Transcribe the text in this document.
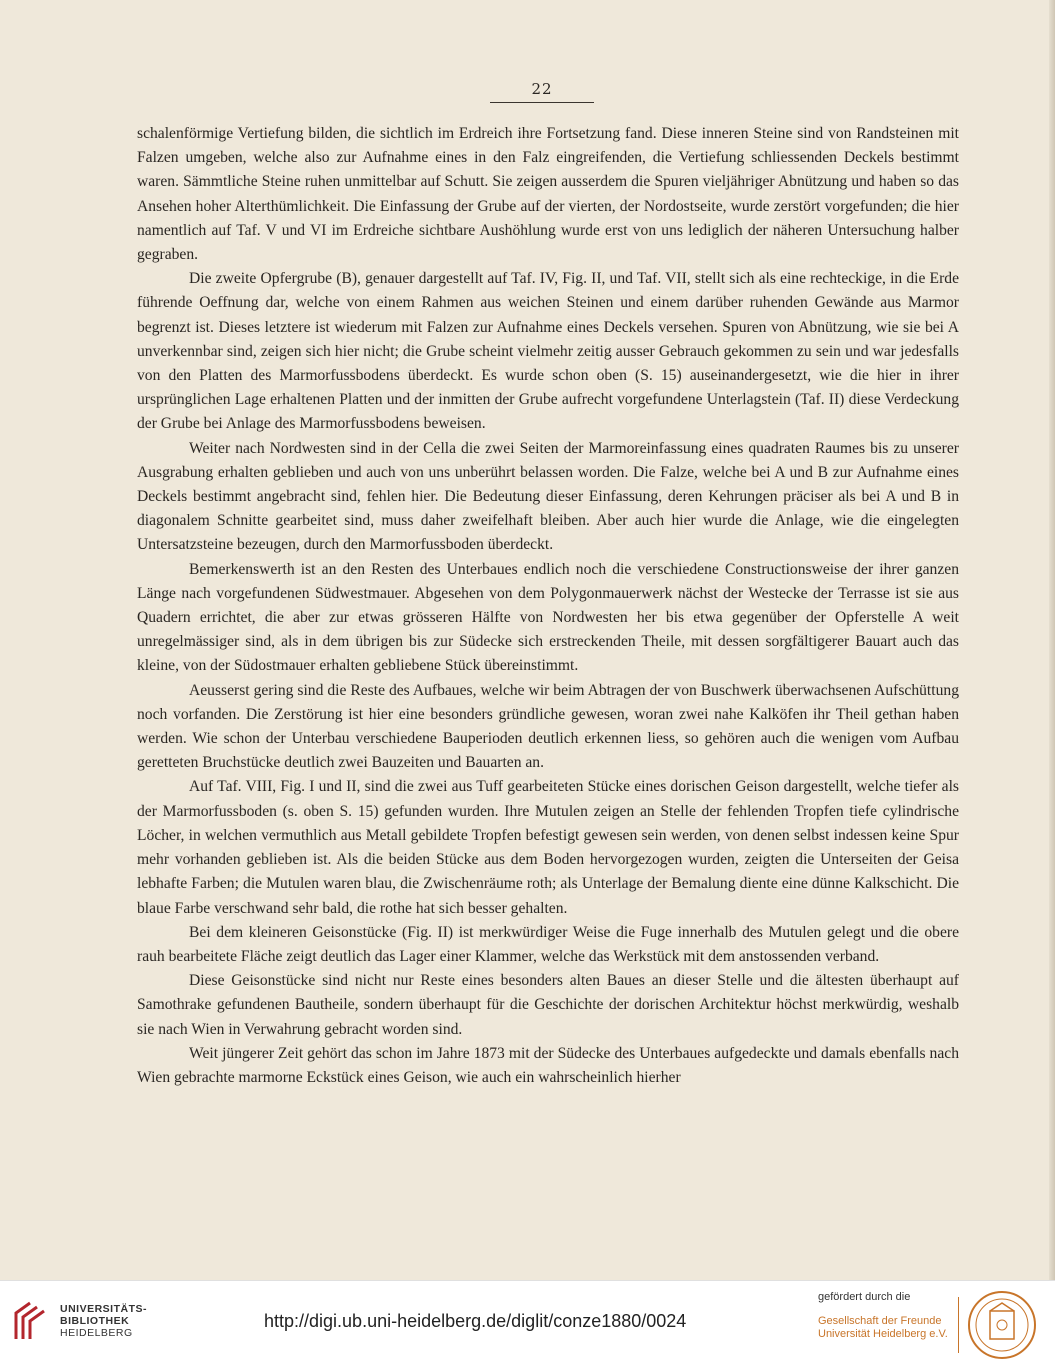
22

schalenförmige Vertiefung bilden, die sichtlich im Erdreich ihre Fortsetzung fand. Diese inneren Steine sind von Randsteinen mit Falzen umgeben, welche also zur Aufnahme eines in den Falz eingreifenden, die Vertiefung schliessenden Deckels bestimmt waren. Sämmtliche Steine ruhen unmittelbar auf Schutt. Sie zeigen ausserdem die Spuren vieljähriger Abnützung und haben so das Ansehen hoher Alterthümlichkeit. Die Einfassung der Grube auf der vierten, der Nordostseite, wurde zerstört vorgefunden; die hier namentlich auf Taf. V und VI im Erdreiche sichtbare Aushöhlung wurde erst von uns lediglich der näheren Untersuchung halber gegraben.

Die zweite Opfergrube (B), genauer dargestellt auf Taf. IV, Fig. II, und Taf. VII, stellt sich als eine rechteckige, in die Erde führende Oeffnung dar, welche von einem Rahmen aus weichen Steinen und einem darüber ruhenden Gewände aus Marmor begrenzt ist. Dieses letztere ist wiederum mit Falzen zur Aufnahme eines Deckels versehen. Spuren von Abnützung, wie sie bei A unverkennbar sind, zeigen sich hier nicht; die Grube scheint vielmehr zeitig ausser Gebrauch gekommen zu sein und war jedesfalls von den Platten des Marmorfussbodens überdeckt. Es wurde schon oben (S. 15) auseinandergesetzt, wie die hier in ihrer ursprünglichen Lage erhaltenen Platten und der inmitten der Grube aufrecht vorgefundene Unterlagstein (Taf. II) diese Verdeckung der Grube bei Anlage des Marmorfussbodens beweisen.

Weiter nach Nordwesten sind in der Cella die zwei Seiten der Marmoreinfassung eines quadraten Raumes bis zu unserer Ausgrabung erhalten geblieben und auch von uns unberührt belassen worden. Die Falze, welche bei A und B zur Aufnahme eines Deckels bestimmt angebracht sind, fehlen hier. Die Bedeutung dieser Einfassung, deren Kehrungen präciser als bei A und B in diagonalem Schnitte gearbeitet sind, muss daher zweifelhaft bleiben. Aber auch hier wurde die Anlage, wie die eingelegten Untersatzsteine bezeugen, durch den Marmorfussboden überdeckt.

Bemerkenswerth ist an den Resten des Unterbaues endlich noch die verschiedene Constructionsweise der ihrer ganzen Länge nach vorgefundenen Südwestmauer. Abgesehen von dem Polygonmauerwerk nächst der Westecke der Terrasse ist sie aus Quadern errichtet, die aber zur etwas grösseren Hälfte von Nordwesten her bis etwa gegenüber der Opferstelle A weit unregelmässiger sind, als in dem übrigen bis zur Südecke sich erstreckenden Theile, mit dessen sorgfältigerer Bauart auch das kleine, von der Südostmauer erhalten gebliebene Stück übereinstimmt.

Aeusserst gering sind die Reste des Aufbaues, welche wir beim Abtragen der von Buschwerk überwachsenen Aufschüttung noch vorfanden. Die Zerstörung ist hier eine besonders gründliche gewesen, woran zwei nahe Kalköfen ihr Theil gethan haben werden. Wie schon der Unterbau verschiedene Bauperioden deutlich erkennen liess, so gehören auch die wenigen vom Aufbau geretteten Bruchstücke deutlich zwei Bauzeiten und Bauarten an.

Auf Taf. VIII, Fig. I und II, sind die zwei aus Tuff gearbeiteten Stücke eines dorischen Geison dargestellt, welche tiefer als der Marmorfussboden (s. oben S. 15) gefunden wurden. Ihre Mutulen zeigen an Stelle der fehlenden Tropfen tiefe cylindrische Löcher, in welchen vermuthlich aus Metall gebildete Tropfen befestigt gewesen sein werden, von denen selbst indessen keine Spur mehr vorhanden geblieben ist. Als die beiden Stücke aus dem Boden hervorgezogen wurden, zeigten die Unterseiten der Geisa lebhafte Farben; die Mutulen waren blau, die Zwischenräume roth; als Unterlage der Bemalung diente eine dünne Kalkschicht. Die blaue Farbe verschwand sehr bald, die rothe hat sich besser gehalten.

Bei dem kleineren Geisonstücke (Fig. II) ist merkwürdiger Weise die Fuge innerhalb des Mutulen gelegt und die obere rauh bearbeitete Fläche zeigt deutlich das Lager einer Klammer, welche das Werkstück mit dem anstossenden verband.

Diese Geisonstücke sind nicht nur Reste eines besonders alten Baues an dieser Stelle und die ältesten überhaupt auf Samothrake gefundenen Bautheile, sondern überhaupt für die Geschichte der dorischen Architektur höchst merkwürdig, weshalb sie nach Wien in Verwahrung gebracht worden sind.

Weit jüngerer Zeit gehört das schon im Jahre 1873 mit der Südecke des Unterbaues aufgedeckte und damals ebenfalls nach Wien gebrachte marmorne Eckstück eines Geison, wie auch ein wahrscheinlich hierher

UNIVERSITÄTS-
BIBLIOTHEK
HEIDELBERG
http://digi.ub.uni-heidelberg.de/diglit/conze1880/0024
gefördert durch die
Gesellschaft der Freunde
Universität Heidelberg e.V.
